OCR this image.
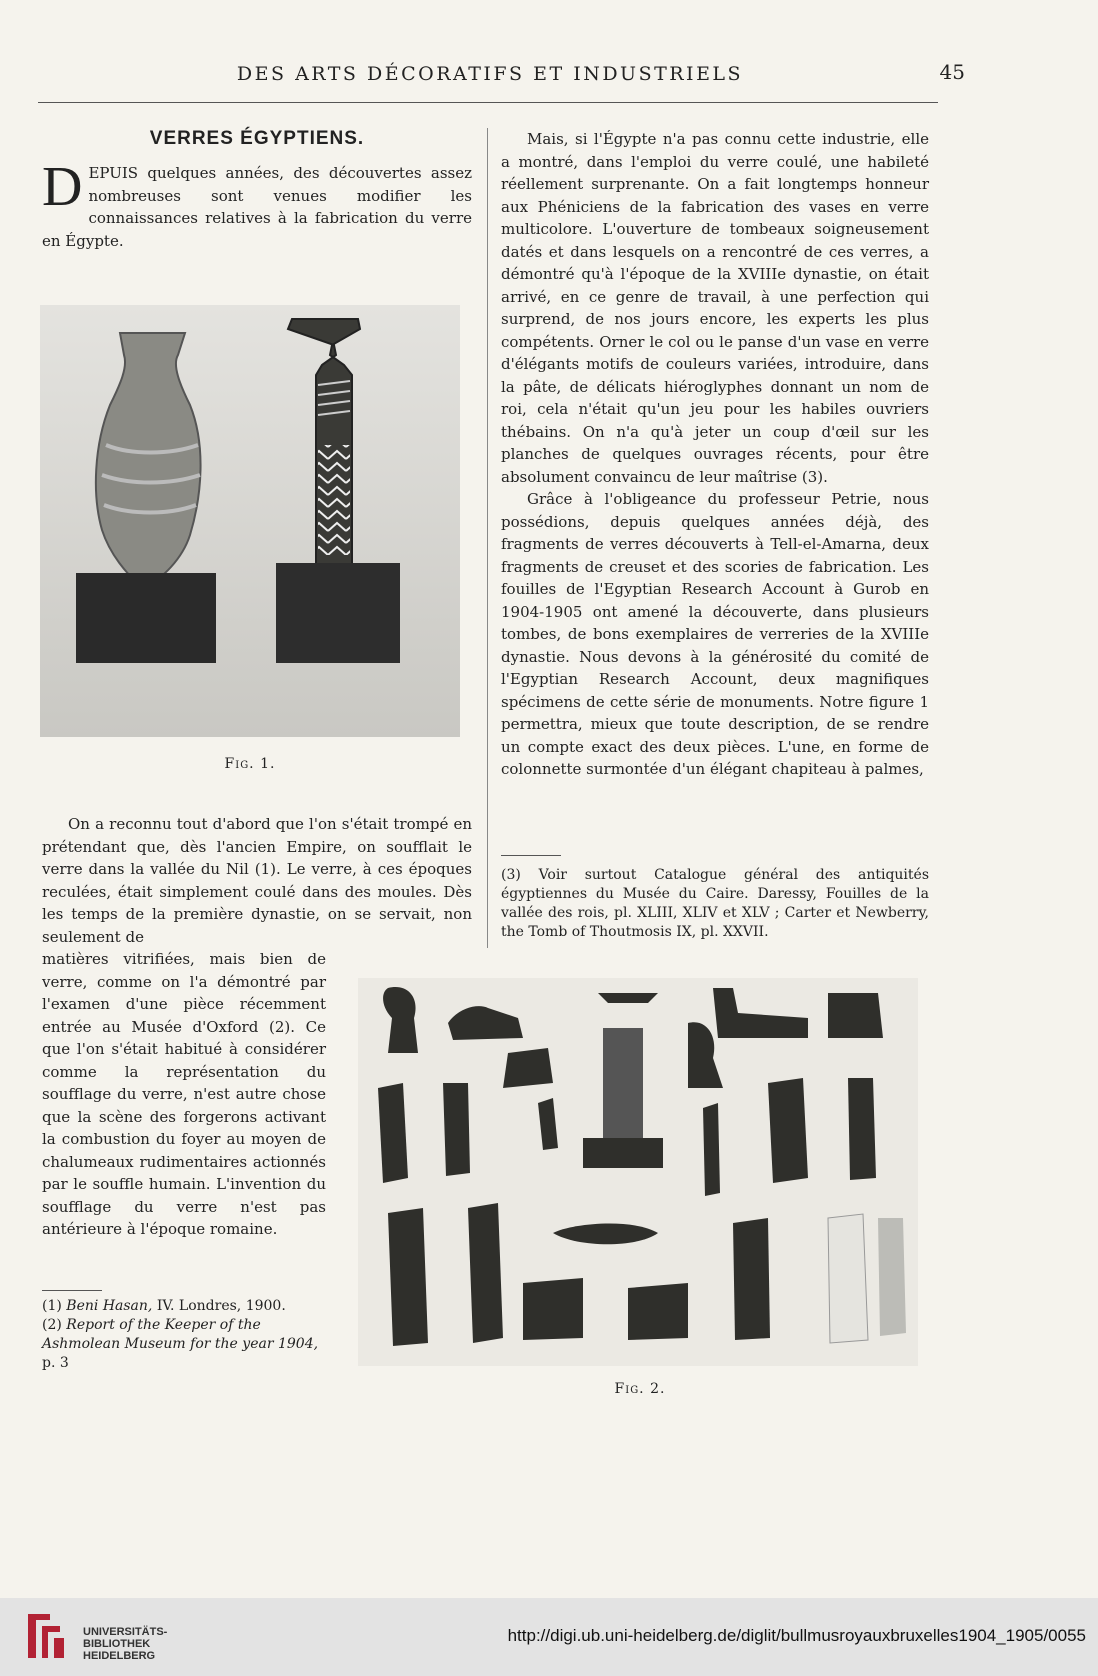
DES ARTS DÉCORATIFS ET INDUSTRIELS	45
VERRES ÉGYPTIENS.

DEPUIS quelques années, des découvertes assez nombreuses sont venues modifier les connaissances relatives à la fabrication du verre en Égypte.

Fig. 1.

On a reconnu tout d'abord que l'on s'était trompé en prétendant que, dès l'ancien Empire, on soufflait le verre dans la vallée du Nil (1). Le verre, à ces époques reculées, était simplement coulé dans des moules. Dès les temps de la première dynastie, on se servait, non seulement de

matières vitrifiées, mais bien de verre, comme on l'a démontré par l'examen d'une pièce récemment entrée au Musée d'Oxford (2). Ce que l'on s'était habitué à considérer comme la représentation du soufflage du verre, n'est autre chose que la scène des forgerons activant la combustion du foyer au moyen de chalumeaux rudimentaires actionnés par le souffle humain. L'invention du soufflage du verre n'est pas antérieure à l'époque romaine.

(1) Beni Hasan, IV. Londres, 1900.

(2) Report of the Keeper of the Ashmolean Museum for the year 1904, p. 3

Mais, si l'Égypte n'a pas connu cette industrie, elle a montré, dans l'emploi du verre coulé, une habileté réellement surprenante. On a fait longtemps honneur aux Phéniciens de la fabrication des vases en verre multicolore. L'ouverture de tombeaux soigneusement datés et dans lesquels on a rencontré de ces verres, a démontré qu'à l'époque de la XVIIIe dynastie, on était arrivé, en ce genre de travail, à une perfection qui surprend, de nos jours encore, les experts les plus compétents. Orner le col ou le panse d'un vase en verre d'élégants motifs de couleurs variées, introduire, dans la pâte, de délicats hiéroglyphes donnant un nom de roi, cela n'était qu'un jeu pour les habiles ouvriers thébains. On n'a qu'à jeter un coup d'œil sur les planches de quelques ouvrages récents, pour être absolument convaincu de leur maîtrise (3).

Grâce à l'obligeance du professeur Petrie, nous possédions, depuis quelques années déjà, des fragments de verres découverts à Tell-el-Amarna, deux fragments de creuset et des scories de fabrication. Les fouilles de l'Egyptian Research Account à Gurob en 1904-1905 ont amené la découverte, dans plusieurs tombes, de bons exemplaires de verreries de la XVIIIe dynastie. Nous devons à la générosité du comité de l'Egyptian Research Account, deux magnifiques spécimens de cette série de monuments. Notre figure 1 permettra, mieux que toute description, de se rendre un compte exact des deux pièces. L'une, en forme de colonnette surmontée d'un élégant chapiteau à palmes,

(3) Voir surtout Catalogue général des antiquités égyptiennes du Musée du Caire. Daressy, Fouilles de la vallée des rois, pl. XLIII, XLIV et XLV ; Carter et Newberry, the Tomb of Thoutmosis IX, pl. XXVII.

Fig. 2.
UNIVERSITÄTS-
BIBLIOTHEK
HEIDELBERG
http://digi.ub.uni-heidelberg.de/diglit/bullmusroyauxbruxelles1904_1905/0055
